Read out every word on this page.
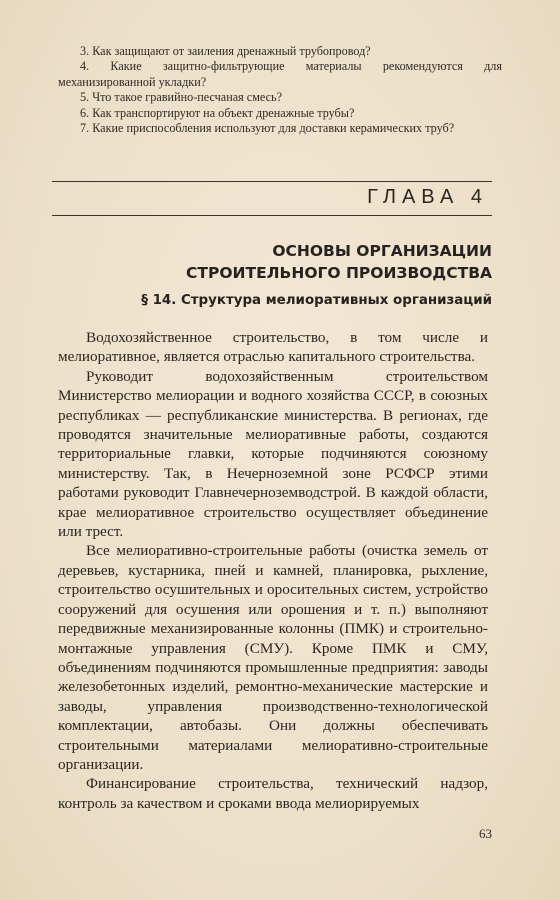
3. Как защищают от заиления дренажный трубопровод?

4. Какие защитно-фильтрующие материалы рекомендуются для механизированной укладки?

5. Что такое гравийно-песчаная смесь?

6. Как транспортируют на объект дренажные трубы?

7. Какие приспособления используют для доставки керамических труб?

ГЛАВА 4
ОСНОВЫ ОРГАНИЗАЦИИ
СТРОИТЕЛЬНОГО ПРОИЗВОДСТВА
§ 14. Структура мелиоративных организаций

Водохозяйственное строительство, в том числе и мелиоративное, является отраслью капитального строительства.

Руководит водохозяйственным строительством Министерство мелиорации и водного хозяйства СССР, в союзных республиках — республиканские министерства. В регионах, где проводятся значительные мелиоративные работы, создаются территориальные главки, которые подчиняются союзному министерству. Так, в Нечерноземной зоне РСФСР этими работами руководит Главнечерноземводстрой. В каждой области, крае мелиоративное строительство осуществляет объединение или трест.

Все мелиоративно-строительные работы (очистка земель от деревьев, кустарника, пней и камней, планировка, рыхление, строительство осушительных и оросительных систем, устройство сооружений для осушения или орошения и т. п.) выполняют передвижные механизированные колонны (ПМК) и строительно-монтажные управления (СМУ). Кроме ПМК и СМУ, объединениям подчиняются промышленные предприятия: заводы железобетонных изделий, ремонтно-механические мастерские и заводы, управления производственно-технологической комплектации, автобазы. Они должны обеспечивать строительными материалами мелиоративно-строительные организации.

Финансирование строительства, технический надзор, контроль за качеством и сроками ввода мелиорируемых

63
